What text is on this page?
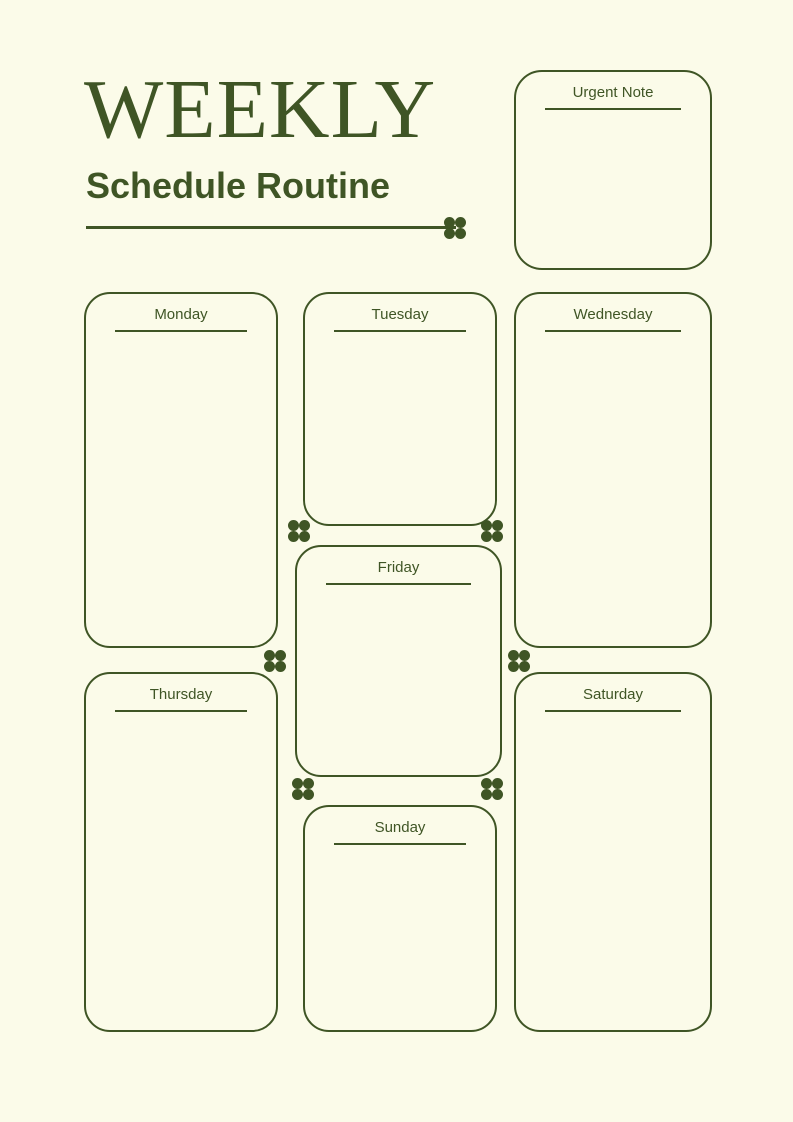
WEEKLY
Schedule Routine
Urgent Note
Monday	Tuesday	Wednesday
Thursday
Friday
Saturday
Sunday
